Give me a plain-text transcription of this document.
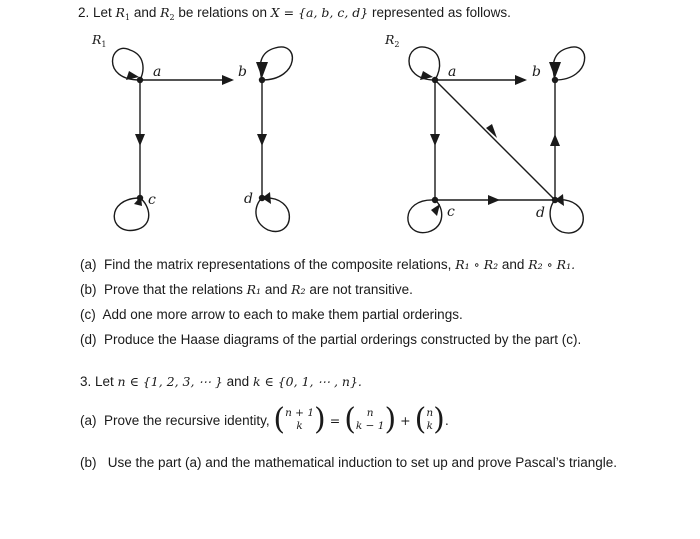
2. Let $R_1$ and $R_2$ be relations on X = {a, b, c, d} represented as follows.
$R_1$	$R_2$
a	b
c	d
a	b
c	d
(a) Find the matrix representations of the composite relations, R₁ ∘ R₂ and R₂ ∘ R₁.
(b) Prove that the relations R₁ and R₂ are not transitive.
(c) Add one more arrow to each to make them partial orderings.
(d) Produce the Haase diagrams of the partial orderings constructed by the part (c).
3. Let n ∈ {1, 2, 3, ⋯ } and k ∈ {0, 1, ⋯ , n}.
(a)
Prove the recursive identity,
(n + 1
k ) = ( n
k − 1) + (n
k) .
(b) Use the part (a) and the mathematical induction to set up and prove Pascal’s triangle.
